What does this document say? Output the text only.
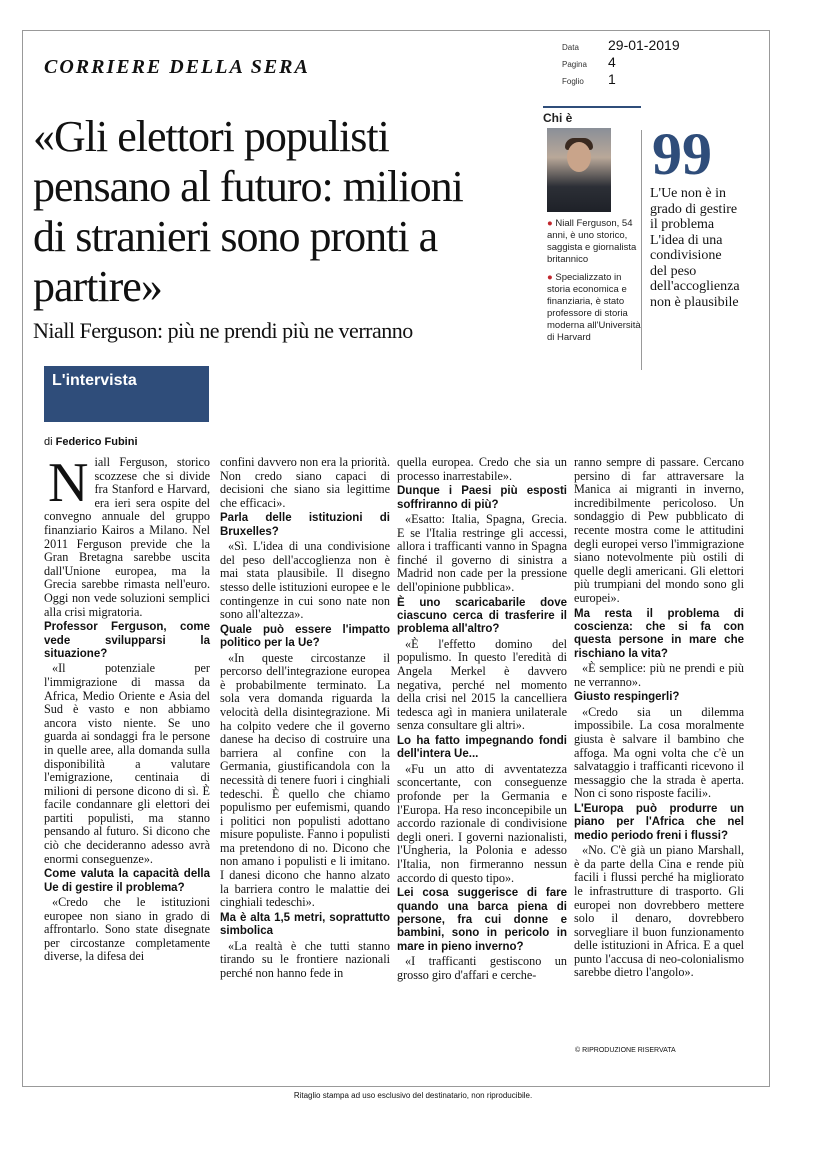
CORRIERE DELLA SERA
Data	29-01-2019
Pagina	4
Foglio	1
«Gli elettori populisti pensano al futuro: milioni di stranieri sono pronti a partire»
Niall Ferguson: più ne prendi più ne verranno
L'intervista
di Federico Fubini
Chi è

● Niall Ferguson, 54 anni, è uno storico, saggista e giornalista britannico

● Specializzato in storia economica e finanziaria, è stato professore di storia moderna all'Università di Harvard

99
L'Ue non è in grado di gestire il problema L'idea di una condivisione del peso dell'accoglienza non è plausibile
N iall Ferguson, storico scozzese che si divide fra Stanford e Harvard, era ieri sera ospite del convegno annuale del gruppo finanziario Kairos a Milano. Nel 2011 Ferguson previde che la Gran Bretagna sarebbe uscita dall'Unione europea, ma la Grecia sarebbe rimasta nell'euro. Oggi non vede soluzioni semplici alla crisi migratoria.

Professor Ferguson, come vede svilupparsi la situazione?

«Il potenziale per l'immigrazione di massa da Africa, Medio Oriente e Asia del Sud è vasto e non abbiamo ancora visto niente. Se uno guarda ai sondaggi fra le persone in quelle aree, alla domanda sulla disponibilità a valutare l'emigrazione, centinaia di milioni di persone dicono di sì. È facile condannare gli elettori dei partiti populisti, ma stanno pensando al futuro. Si dicono che ciò che decideranno adesso avrà enormi conseguenze».

Come valuta la capacità della Ue di gestire il problema?

«Credo che le istituzioni europee non siano in grado di affrontarlo. Sono state disegnate per circostanze completamente diverse, la difesa dei

confini davvero non era la priorità. Non credo siano capaci di decisioni che siano sia legittime che efficaci».

Parla delle istituzioni di Bruxelles?

«Sì. L'idea di una condivisione del peso dell'accoglienza non è mai stata plausibile. Il disegno stesso delle istituzioni europee e le contingenze in cui sono nate non sono all'altezza».

Quale può essere l'impatto politico per la Ue?

«In queste circostanze il percorso dell'integrazione europea è probabilmente terminato. La sola vera domanda riguarda la velocità della disintegrazione. Mi ha colpito vedere che il governo danese ha deciso di costruire una barriera al confine con la Germania, giustificandola con la necessità di tenere fuori i cinghiali tedeschi. È quello che chiamo populismo per eufemismi, quando i politici non populisti adottano misure populiste. Fanno i populisti ma pretendono di no. Dicono che non amano i populisti e li imitano. I danesi dicono che hanno alzato la barriera contro le malattie dei cinghiali tedeschi».

Ma è alta 1,5 metri, soprattutto simbolica

«La realtà è che tutti stanno tirando su le frontiere nazionali perché non hanno fede in

quella europea. Credo che sia un processo inarrestabile».

Dunque i Paesi più esposti soffriranno di più?

«Esatto: Italia, Spagna, Grecia. E se l'Italia restringe gli accessi, allora i trafficanti vanno in Spagna finché il governo di sinistra a Madrid non cade per la pressione dell'opinione pubblica».

È uno scaricabarile dove ciascuno cerca di trasferire il problema all'altro?

«È l'effetto domino del populismo. In questo l'eredità di Angela Merkel è davvero negativa, perché nel momento della crisi nel 2015 la cancelliera tedesca agì in maniera unilaterale senza consultare gli altri».

Lo ha fatto impegnando fondi dell'intera Ue...

«Fu un atto di avventatezza sconcertante, con conseguenze profonde per la Germania e l'Europa. Ha reso inconcepibile un accordo razionale di condivisione degli oneri. I governi nazionalisti, l'Ungheria, la Polonia e adesso l'Italia, non firmeranno nessun accordo di questo tipo».

Lei cosa suggerisce di fare quando una barca piena di persone, fra cui donne e bambini, sono in pericolo in mare in pieno inverno?

«I trafficanti gestiscono un grosso giro d'affari e cerche-

ranno sempre di passare. Cercano persino di far attraversare la Manica ai migranti in inverno, incredibilmente pericoloso. Un sondaggio di Pew pubblicato di recente mostra come le attitudini degli europei verso l'immigrazione siano notevolmente più ostili di quelle degli americani. Gli elettori più trumpiani del mondo sono gli europei».

Ma resta il problema di coscienza: che si fa con questa persone in mare che rischiano la vita?

«È semplice: più ne prendi e più ne verranno».

Giusto respingerli?

«Credo sia un dilemma impossibile. La cosa moralmente giusta è salvare il bambino che affoga. Ma ogni volta che c'è un salvataggio i trafficanti ricevono il messaggio che la strada è aperta. Non ci sono risposte facili».

L'Europa può produrre un piano per l'Africa che nel medio periodo freni i flussi?

«No. C'è già un piano Marshall, è da parte della Cina e rende più facili i flussi perché ha migliorato le infrastrutture di trasporto. Gli europei non dovrebbero mettere solo il denaro, dovrebbero sorvegliare il buon funzionamento delle istituzioni in Africa. E a quel punto l'accusa di neo-colonialismo sarebbe dietro l'angolo».

© RIPRODUZIONE RISERVATA
Ritaglio stampa ad uso esclusivo del destinatario, non riproducibile.
